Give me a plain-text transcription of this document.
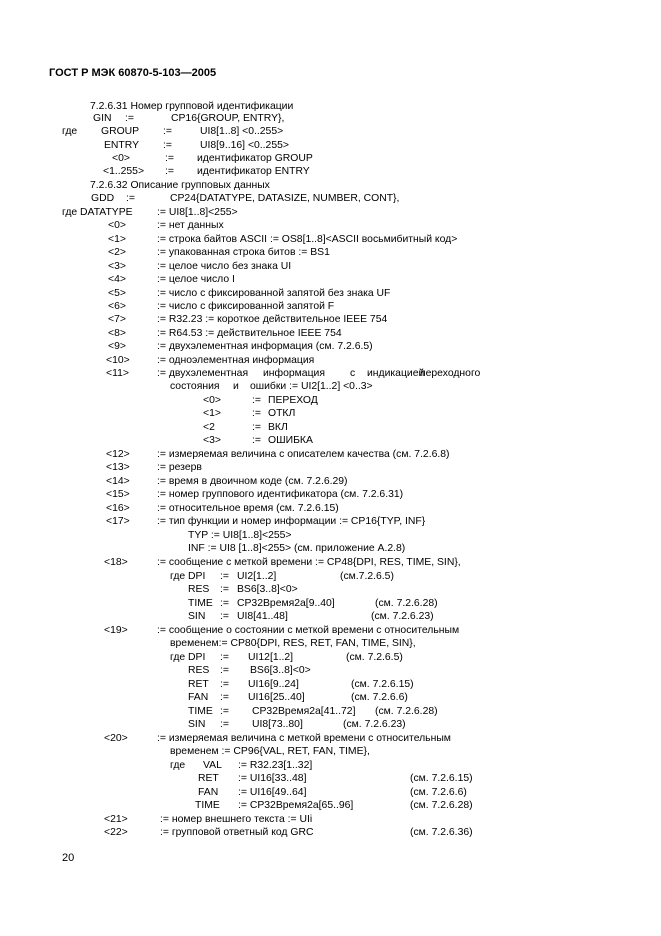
ГОСТ Р МЭК 60870-5-103—2005
7.2.6.31 Номер групповой идентификации
GIN :=	CP16{GROUP, ENTRY},
где GROUP :=	UI8[1..8] <0..255>
ENTRY :=	UI8[9..16] <0..255>
<0>	:= идентификатор GROUP
<1..255> := идентификатор ENTRY
7.2.6.32 Описание групповых данных
GDD :=	CP24{DATATYPE, DATASIZE, NUMBER, CONT},
где DATATYPE := UI8[1..8]<255>
<0>	:= нет данных
<1>	:= строка байтов ASCII := OS8[1..8]<ASCII восьмибитный код>
<2>	:= упакованная строка битов := BS1
<3>	:= целое число без знака UI
<4>	:= целое число I
<5>	:= число с фиксированной запятой без знака UF
<6>	:= число с фиксированной запятой F
<7>	:= R32.23 := короткое действительное IEEE 754
<8>	:= R64.53 := действительное IEEE 754
<9>	:= двухэлементная информация (см. 7.2.6.5)
<10>	:= одноэлементная информация
<11>	:= двухэлементная информация с индикацией
переходного
состояния и ошибки := UI2[1..2] <0..3>
<0>	:= ПЕРЕХОД
<1>	:= ОТКЛ
<2	:= ВКЛ
<3>	:= ОШИБКА
<12>	:= измеряемая величина с описателем качества (см. 7.2.6.8)
<13>	:= резерв
<14>	:= время в двоичном коде (см. 7.2.6.29)
<15>	:= номер группового идентификатора (см. 7.2.6.31)
<16>	:= относительное время (см. 7.2.6.15)
<17>	:= тип функции и номер информации := CP16{TYP, INF}
TYP := UI8[1..8]<255>
INF := UI8 [1..8]<255> (см. приложение А.2.8)
<18>	:= сообщение с меткой времени := CP48{DPI, RES, TIME, SIN},
где DPI := UI2[1..2]	(см.7.2.6.5)
RES := BS6[3..8]<0>
TIME := CP32Время2а[9..40]	(см. 7.2.6.28)
SIN := UI8[41..48]	(см. 7.2.6.23)
<19>	:= сообщение о состоянии с меткой времени с относительным
временем:= CP80{DPI, RES, RET, FAN, TIME, SIN},
где DPI := UI12[1..2]	(см. 7.2.6.5)
RES := BS6[3..8]<0>
RET := UI16[9..24]	(см. 7.2.6.15)
FAN := UI16[25..40]	(см. 7.2.6.6)
TIME := CP32Время2а[41..72] (см. 7.2.6.28)
SIN := UI8[73..80]	(см. 7.2.6.23)
<20>	:= измеряемая величина с меткой времени с относительным
временем := CP96{VAL, RET, FAN, TIME},
где VAL := R32.23[1..32]
RET := UI16[33..48]	(см. 7.2.6.15)
FAN := UI16[49..64]	(см. 7.2.6.6)
TIME := CP32Время2а[65..96]	(см. 7.2.6.28)
<21>	:= номер внешнего текста := UIi
<22>	:= групповой ответный код GRC	(см. 7.2.6.36)
20
